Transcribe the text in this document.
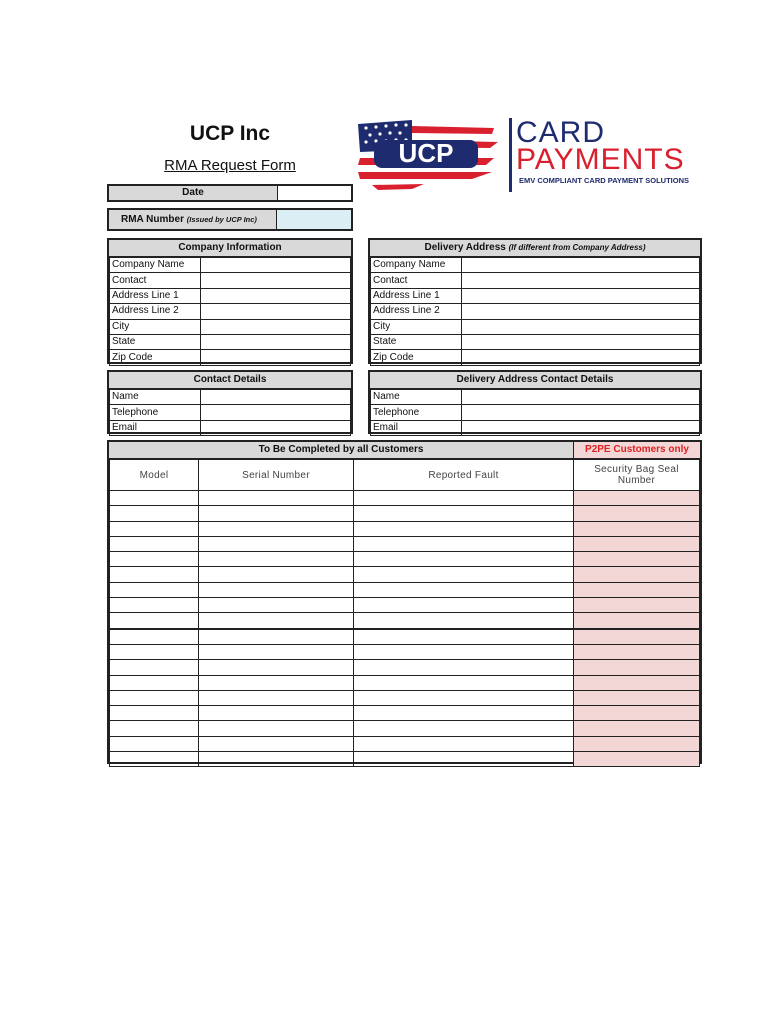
UCP Inc
RMA Request Form	UCP
CARD
PAYMENTS
EMV COMPLIANT CARD PAYMENT SOLUTIONS
Date
RMA Number (Issued by UCP Inc)
Company Information
Company Name	
Contact	
Address Line 1	
Address Line 2	
City	
State	
Zip Code	
Delivery Address (If different from Company Address)
Company Name	
Contact	
Address Line 1	
Address Line 2	
City	
State	
Zip Code	
Contact Details
Name	
Telephone	
Email	
Delivery Address Contact Details
Name	
Telephone	
Email	
To Be Completed by all Customers	P2PE Customers only
Model	Serial Number	Reported Fault	Security Bag Seal Number
